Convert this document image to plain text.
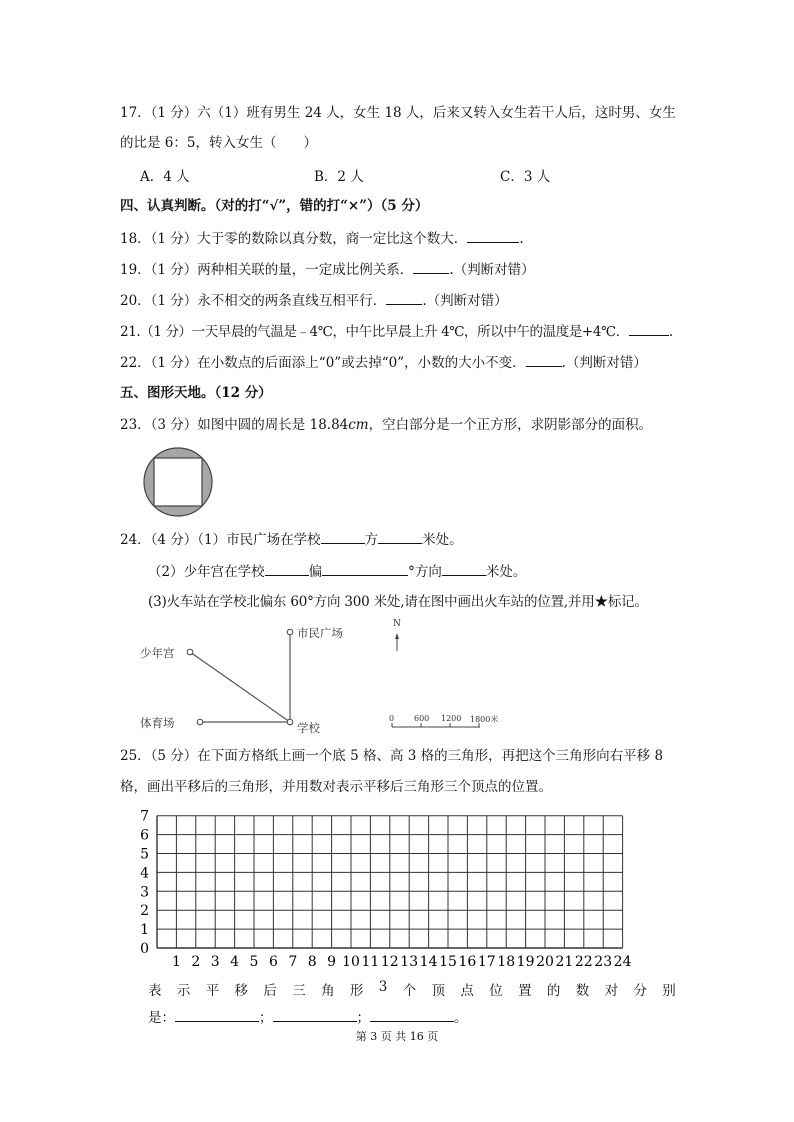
17．（1 分）六（1）班有男生 24 人，女生 18 人，后来又转入女生若干人后，这时男、女生
的比是 6：5，转入女生（　　）
A．4 人	B．2 人	C．3 人
四、认真判断。（对的打“√”，错的打“×”）（5 分）
18．（1 分）大于零的数除以真分数，商一定比这个数大．	.
19．（1 分）两种相关联的量，一定成比例关系．	.（判断对错）
20．（1 分）永不相交的两条直线互相平行．	.（判断对错）
21.（1 分）一天早晨的气温是﹣4℃，中午比早晨上升 4℃，所以中午的温度是+4℃．	.
22．（1 分）在小数点的后面添上“0”或去掉“0”，小数的大小不变．	.（判断对错）
五、图形天地。（12 分）
23．（3 分）如图中圆的周长是 18.84cm，空白部分是一个正方形，求阴影部分的面积。
24．（4 分）（1）市民广场在学校	方	米处。
（2）少年宫在学校	偏	°方向	米处。
(3)火车站在学校北偏东 60°方向 300 米处,请在图中画出火车站的位置,并用★标记。
少年宫
市民广场
体育场	学校
N
0 600 1200 1800米
25．（5 分）在下面方格纸上画一个底 5 格、高 3 格的三角形，再把这个三角形向右平移 8
格，画出平移后的三角形，并用数对表示平移后三角形三个顶点的位置。
0
1
2
3
4
5
6
7
1 2 3 4 5 6 7 8 9 10 11 12 13 14 15 16 17 18 19 20 21 22 23 24
表 示 平 移 后 三 角 形 3 个 顶 点 位 置 的 数 对 分 别
是：	；	；	。
第 3 页 共 16 页
